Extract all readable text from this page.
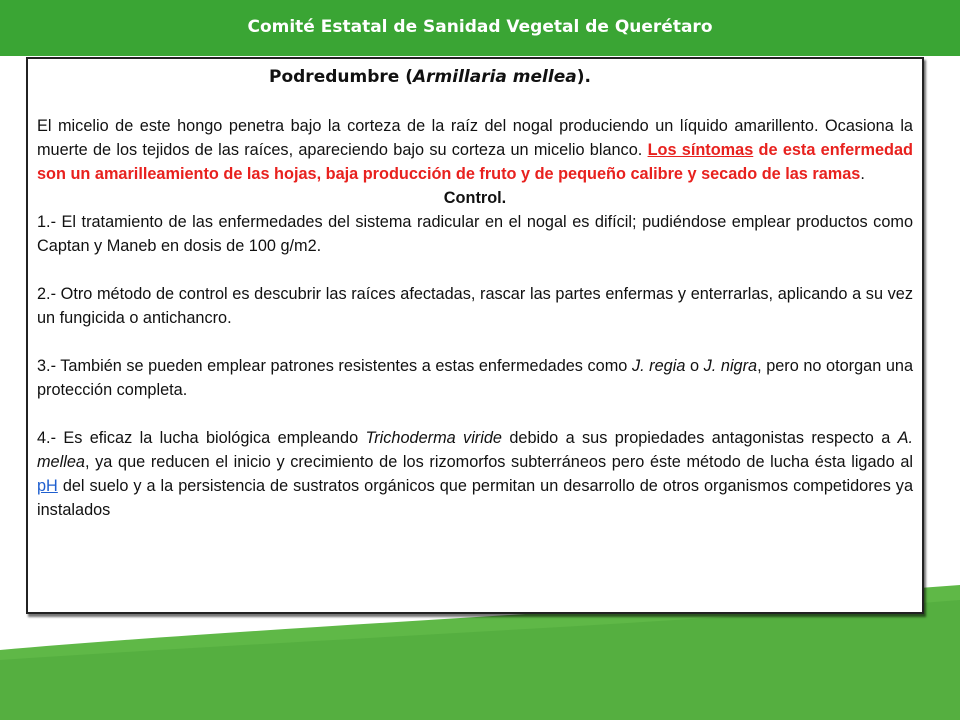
Comité Estatal de Sanidad Vegetal de Querétaro
Podredumbre (Armillaria mellea).

El micelio de este hongo penetra bajo la corteza de la raíz del nogal produciendo un líquido amarillento. Ocasiona la muerte de los tejidos de las raíces, apareciendo bajo su corteza un micelio blanco. Los síntomas de esta enfermedad son un amarilleamiento de las hojas, baja producción de fruto y de pequeño calibre y secado de las ramas.

Control.

1.- El tratamiento de las enfermedades del sistema radicular en el nogal es difícil; pudiéndose emplear productos como Captan y Maneb en dosis de 100 g/m2.

2.- Otro método de control es descubrir las raíces afectadas, rascar las partes enfermas y enterrarlas, aplicando a su vez un fungicida o antichancro.

3.- También se pueden emplear patrones resistentes a estas enfermedades como J. regia o J. nigra, pero no otorgan una protección completa.

4.- Es eficaz la lucha biológica empleando Trichoderma viride debido a sus propiedades antagonistas respecto a A. mellea, ya que reducen el inicio y crecimiento de los rizomorfos subterráneos pero éste método de lucha ésta ligado al pH del suelo y a la persistencia de sustratos orgánicos que permitan un desarrollo de otros organismos competidores ya instalados
